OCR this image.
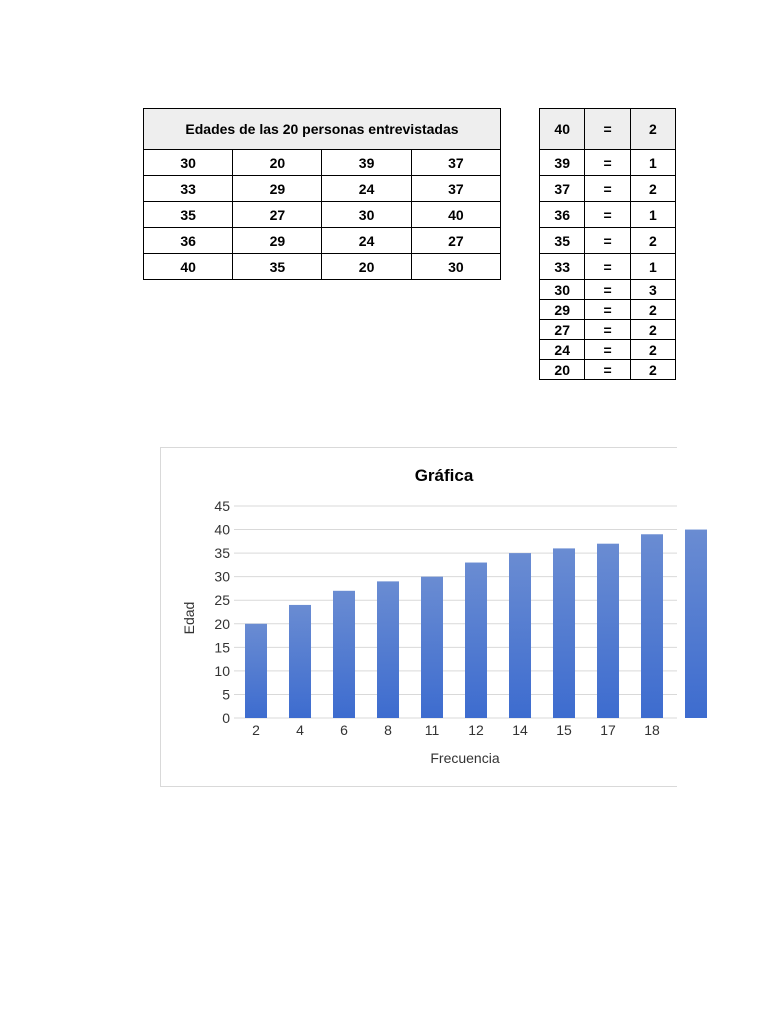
Edades de las 20 personas entrevistadas			
30	20	39	37
33	29	24	37
35	27	30	40
36	29	24	27
40	35	20	30
40	=	2
39	=	1
37	=	2
36	=	1
35	=	2
33	=	1
30	=	3
29	=	2
27	=	2
24	=	2
20	=	2
0
5
10
15
20
25
30
35
40
45
2	4	6	8 11 12 14 15 17 18
Gráfica
Frecuencia
Edad
